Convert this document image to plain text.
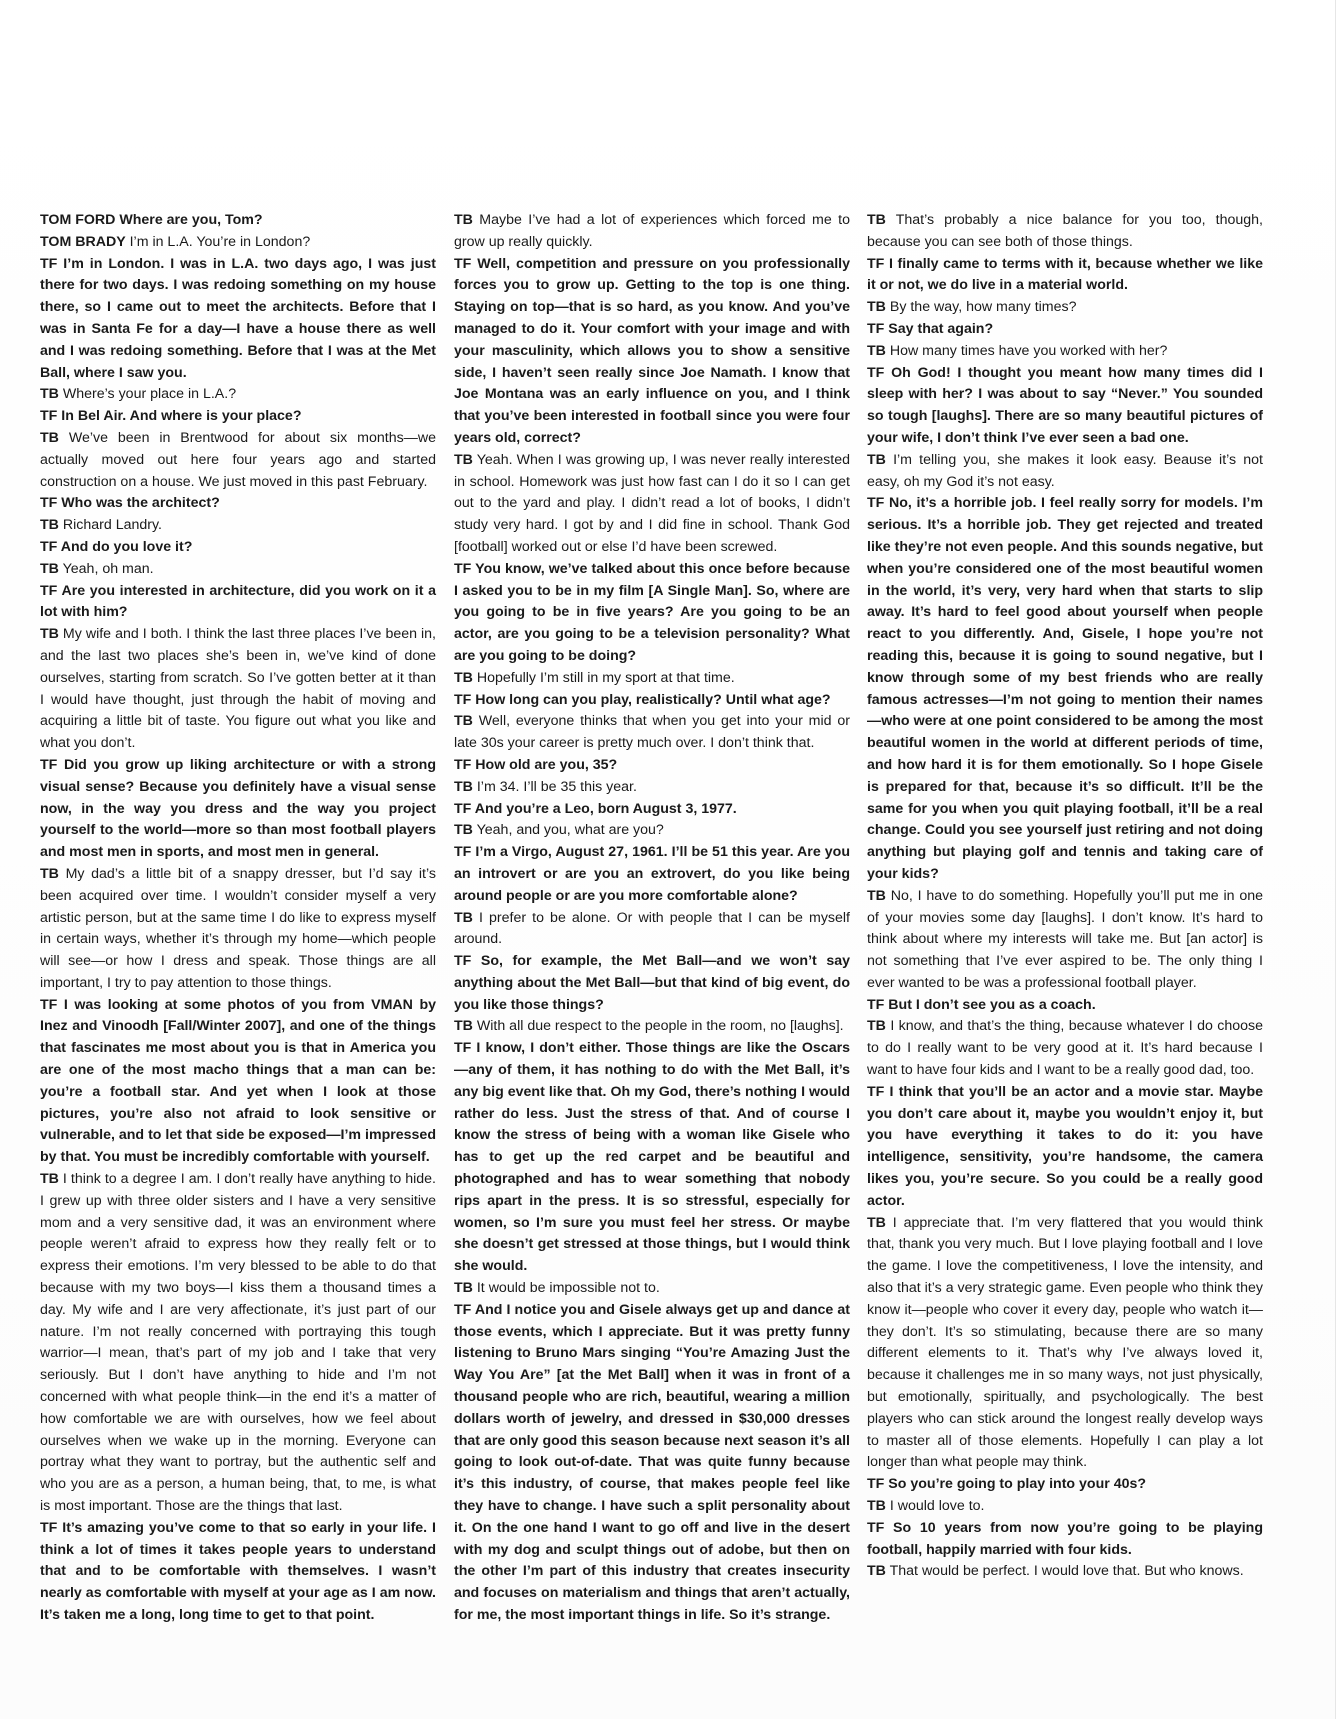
TOM FORD Where are you, Tom?

TOM BRADY I’m in L.A. You’re in London?

TF I’m in London. I was in L.A. two days ago, I was just there for two days. I was redoing something on my house there, so I came out to meet the architects. Before that I was in Santa Fe for a day—I have a house there as well and I was redoing something. Before that I was at the Met Ball, where I saw you.

TB Where’s your place in L.A.?

TF In Bel Air. And where is your place?

TB We’ve been in Brentwood for about six months—we actually moved out here four years ago and started construction on a house. We just moved in this past February.

TF Who was the architect?

TB Richard Landry.

TF And do you love it?

TB Yeah, oh man.

TF Are you interested in architecture, did you work on it a lot with him?

TB My wife and I both. I think the last three places I’ve been in, and the last two places she’s been in, we’ve kind of done ourselves, starting from scratch. So I’ve gotten better at it than I would have thought, just through the habit of moving and acquiring a little bit of taste. You figure out what you like and what you don’t.

TF Did you grow up liking architecture or with a strong visual sense? Because you definitely have a visual sense now, in the way you dress and the way you project yourself to the world—more so than most football players and most men in sports, and most men in general.

TB My dad’s a little bit of a snappy dresser, but I’d say it’s been acquired over time. I wouldn’t consider myself a very artistic person, but at the same time I do like to express myself in certain ways, whether it’s through my home—which people will see—or how I dress and speak. Those things are all important, I try to pay attention to those things.

TF I was looking at some photos of you from VMAN by Inez and Vinoodh [Fall/Winter 2007], and one of the things that fascinates me most about you is that in America you are one of the most macho things that a man can be: you’re a football star. And yet when I look at those pictures, you’re also not afraid to look sensitive or vulnerable, and to let that side be exposed—I’m impressed by that. You must be incredibly comfortable with yourself.

TB I think to a degree I am. I don’t really have anything to hide. I grew up with three older sisters and I have a very sensitive mom and a very sensitive dad, it was an environment where people weren’t afraid to express how they really felt or to express their emotions. I’m very blessed to be able to do that because with my two boys—I kiss them a thousand times a day. My wife and I are very affectionate, it’s just part of our nature. I’m not really concerned with portraying this tough warrior—I mean, that’s part of my job and I take that very seriously. But I don’t have anything to hide and I’m not concerned with what people think—in the end it’s a matter of how comfortable we are with ourselves, how we feel about ourselves when we wake up in the morning. Everyone can portray what they want to portray, but the authentic self and who you are as a person, a human being, that, to me, is what is most important. Those are the things that last.

TF It’s amazing you’ve come to that so early in your life. I think a lot of times it takes people years to understand that and to be comfortable with themselves. I wasn’t nearly as comfortable with myself at your age as I am now. It’s taken me a long, long time to get to that point.

TB Maybe I’ve had a lot of experiences which forced me to grow up really quickly.

TF Well, competition and pressure on you professionally forces you to grow up. Getting to the top is one thing. Staying on top—that is so hard, as you know. And you’ve managed to do it. Your comfort with your image and with your masculinity, which allows you to show a sensitive side, I haven’t seen really since Joe Namath. I know that Joe Montana was an early influence on you, and I think that you’ve been interested in football since you were four years old, correct?

TB Yeah. When I was growing up, I was never really interested in school. Homework was just how fast can I do it so I can get out to the yard and play. I didn’t read a lot of books, I didn’t study very hard. I got by and I did fine in school. Thank God [football] worked out or else I’d have been screwed.

TF You know, we’ve talked about this once before because I asked you to be in my film [A Single Man]. So, where are you going to be in five years? Are you going to be an actor, are you going to be a television personality? What are you going to be doing?

TB Hopefully I’m still in my sport at that time.

TF How long can you play, realistically? Until what age?

TB Well, everyone thinks that when you get into your mid or late 30s your career is pretty much over. I don’t think that.

TF How old are you, 35?

TB I’m 34. I’ll be 35 this year.

TF And you’re a Leo, born August 3, 1977.

TB Yeah, and you, what are you?

TF I’m a Virgo, August 27, 1961. I’ll be 51 this year. Are you an introvert or are you an extrovert, do you like being around people or are you more comfortable alone?

TB I prefer to be alone. Or with people that I can be myself around.

TF So, for example, the Met Ball—and we won’t say anything about the Met Ball—but that kind of big event, do you like those things?

TB With all due respect to the people in the room, no [laughs].

TF I know, I don’t either. Those things are like the Oscars—any of them, it has nothing to do with the Met Ball, it’s any big event like that. Oh my God, there’s nothing I would rather do less. Just the stress of that. And of course I know the stress of being with a woman like Gisele who has to get up the red carpet and be beautiful and photographed and has to wear something that nobody rips apart in the press. It is so stressful, especially for women, so I’m sure you must feel her stress. Or maybe she doesn’t get stressed at those things, but I would think she would.

TB It would be impossible not to.

TF And I notice you and Gisele always get up and dance at those events, which I appreciate. But it was pretty funny listening to Bruno Mars singing “You’re Amazing Just the Way You Are” [at the Met Ball] when it was in front of a thousand people who are rich, beautiful, wearing a million dollars worth of jewelry, and dressed in $30,000 dresses that are only good this season because next season it’s all going to look out-of-date. That was quite funny because it’s this industry, of course, that makes people feel like they have to change. I have such a split personality about it. On the one hand I want to go off and live in the desert with my dog and sculpt things out of adobe, but then on the other I’m part of this industry that creates insecurity and focuses on materialism and things that aren’t actually, for me, the most important things in life. So it’s strange.

TB That’s probably a nice balance for you too, though, because you can see both of those things.

TF I finally came to terms with it, because whether we like it or not, we do live in a material world.

TB By the way, how many times?

TF Say that again?

TB How many times have you worked with her?

TF Oh God! I thought you meant how many times did I sleep with her? I was about to say “Never.” You sounded so tough [laughs]. There are so many beautiful pictures of your wife, I don’t think I’ve ever seen a bad one.

TB I’m telling you, she makes it look easy. Beause it’s not easy, oh my God it’s not easy.

TF No, it’s a horrible job. I feel really sorry for models. I’m serious. It’s a horrible job. They get rejected and treated like they’re not even people. And this sounds negative, but when you’re considered one of the most beautiful women in the world, it’s very, very hard when that starts to slip away. It’s hard to feel good about yourself when people react to you differently. And, Gisele, I hope you’re not reading this, because it is going to sound negative, but I know through some of my best friends who are really famous actresses—I’m not going to mention their names—who were at one point considered to be among the most beautiful women in the world at different periods of time, and how hard it is for them emotionally. So I hope Gisele is prepared for that, because it’s so difficult. It’ll be the same for you when you quit playing football, it’ll be a real change. Could you see yourself just retiring and not doing anything but playing golf and tennis and taking care of your kids?

TB No, I have to do something. Hopefully you’ll put me in one of your movies some day [laughs]. I don’t know. It’s hard to think about where my interests will take me. But [an actor] is not something that I’ve ever aspired to be. The only thing I ever wanted to be was a professional football player.

TF But I don’t see you as a coach.

TB I know, and that’s the thing, because whatever I do choose to do I really want to be very good at it. It’s hard because I want to have four kids and I want to be a really good dad, too.

TF I think that you’ll be an actor and a movie star. Maybe you don’t care about it, maybe you wouldn’t enjoy it, but you have everything it takes to do it: you have intelligence, sensitivity, you’re handsome, the camera likes you, you’re secure. So you could be a really good actor.

TB I appreciate that. I’m very flattered that you would think that, thank you very much. But I love playing football and I love the game. I love the competitiveness, I love the intensity, and also that it’s a very strategic game. Even people who think they know it—people who cover it every day, people who watch it—they don’t. It’s so stimulating, because there are so many different elements to it. That’s why I’ve always loved it, because it challenges me in so many ways, not just physically, but emotionally, spiritually, and psychologically. The best players who can stick around the longest really develop ways to master all of those elements. Hopefully I can play a lot longer than what people may think.

TF So you’re going to play into your 40s?

TB I would love to.

TF So 10 years from now you’re going to be playing football, happily married with four kids.

TB That would be perfect. I would love that. But who knows.
